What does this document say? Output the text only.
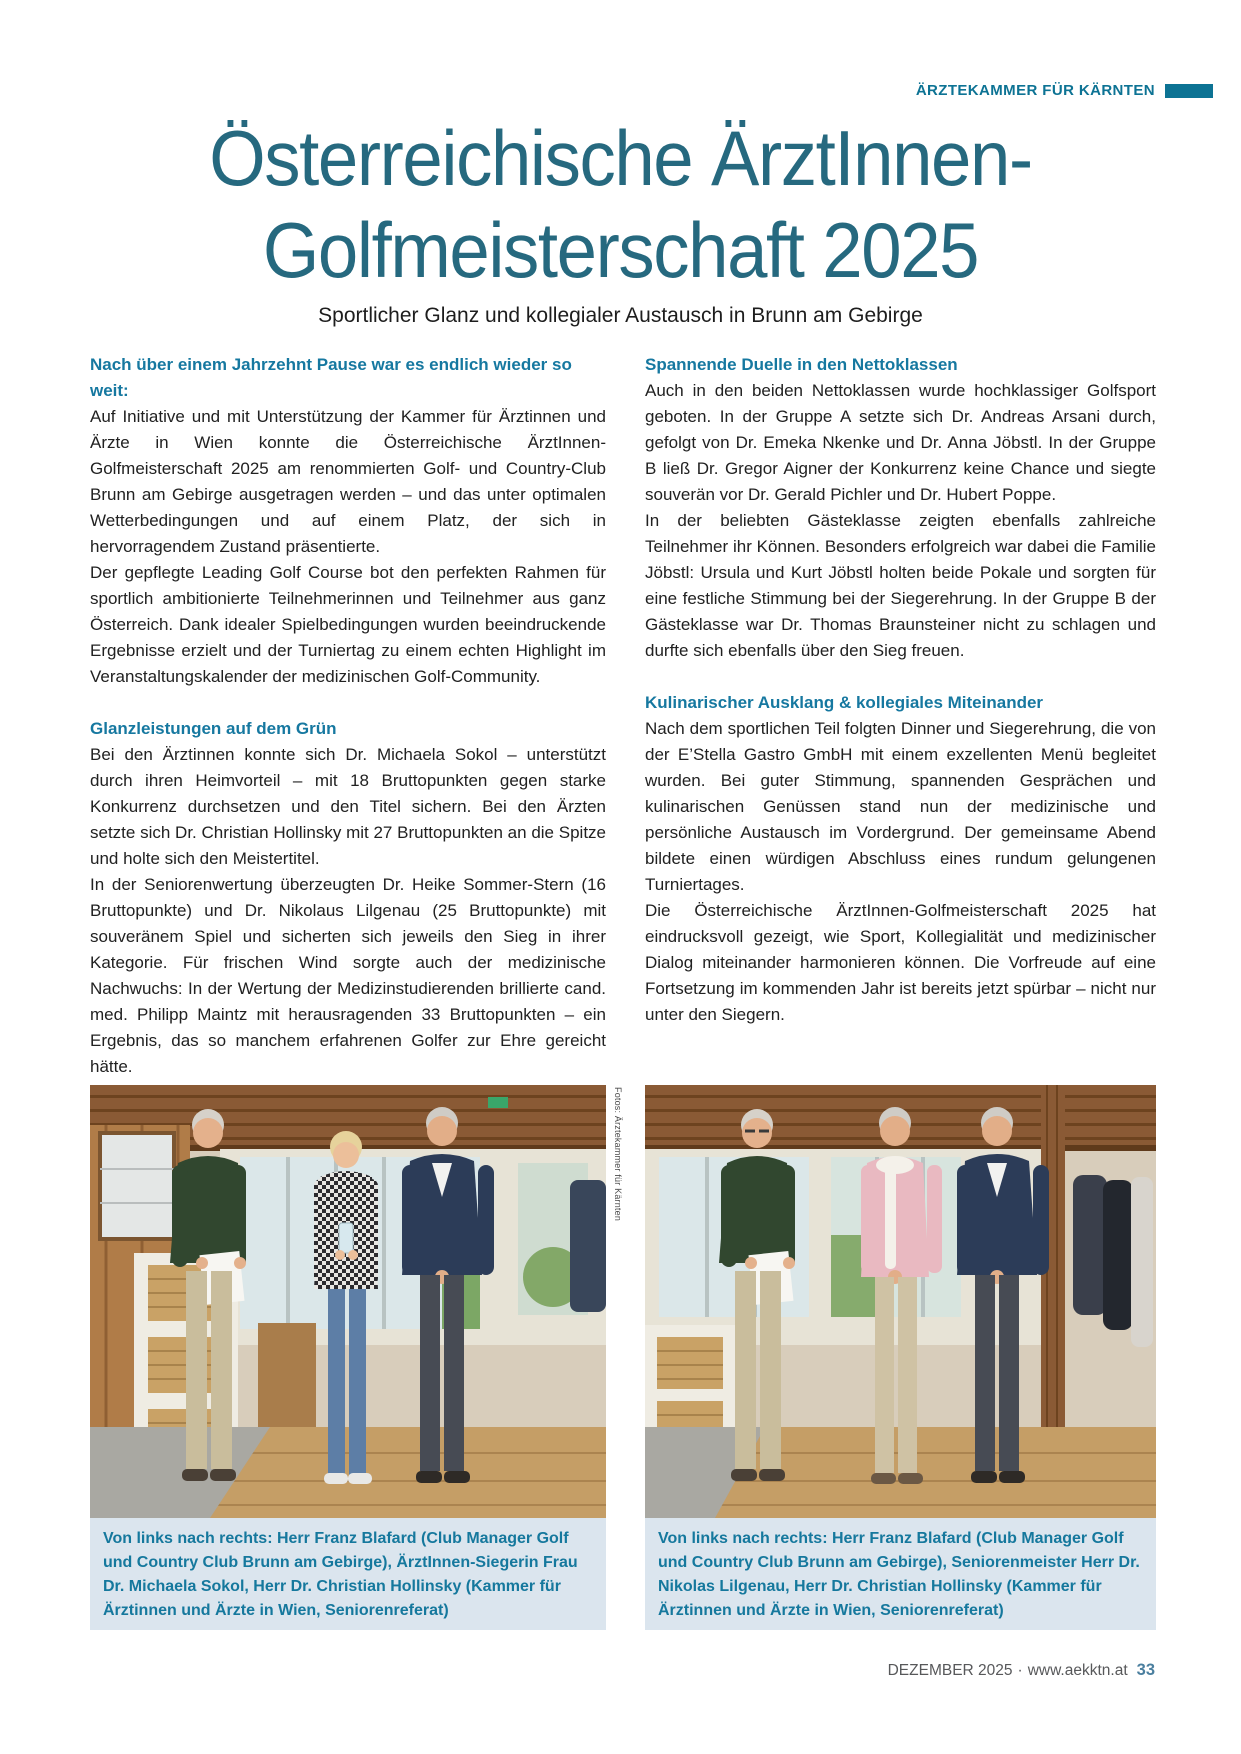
ÄRZTEKAMMER FÜR KÄRNTEN
Österreichische ÄrztInnen-
Golfmeisterschaft 2025
Sportlicher Glanz und kollegialer Austausch in Brunn am Gebirge

Nach über einem Jahrzehnt Pause war es endlich wieder so weit:
Auf Initiative und mit Unterstützung der Kammer für Ärztinnen und Ärzte in Wien konnte die Österreichische ÄrztInnen-Golfmeisterschaft 2025 am renommierten Golf- und Country-Club Brunn am Gebirge ausgetragen werden – und das unter optimalen Wetterbedingungen und auf einem Platz, der sich in hervorragendem Zustand präsentierte.

Der gepflegte Leading Golf Course bot den perfekten Rahmen für sportlich ambitionierte Teilnehmerinnen und Teilnehmer aus ganz Österreich. Dank idealer Spielbedingungen wurden beeindruckende Ergebnisse erzielt und der Turniertag zu einem echten Highlight im Veranstaltungskalender der medizinischen Golf-Community.

Glanzleistungen auf dem Grün

Bei den Ärztinnen konnte sich Dr. Michaela Sokol – unterstützt durch ihren Heimvorteil – mit 18 Bruttopunkten gegen starke Konkurrenz durchsetzen und den Titel sichern. Bei den Ärzten setzte sich Dr. Christian Hollinsky mit 27 Bruttopunkten an die Spitze und holte sich den Meistertitel.

In der Seniorenwertung überzeugten Dr. Heike Sommer-Stern (16 Bruttopunkte) und Dr. Nikolaus Lilgenau (25 Bruttopunkte) mit souveränem Spiel und sicherten sich jeweils den Sieg in ihrer Kategorie. Für frischen Wind sorgte auch der medizinische Nachwuchs: In der Wertung der Medizinstudierenden brillierte cand. med. Philipp Maintz mit herausragenden 33 Bruttopunkten – ein Ergebnis, das so manchem erfahrenen Golfer zur Ehre gereicht hätte.

Spannende Duelle in den Nettoklassen

Auch in den beiden Nettoklassen wurde hochklassiger Golfsport geboten. In der Gruppe A setzte sich Dr. Andreas Arsani durch, gefolgt von Dr. Emeka Nkenke und Dr. Anna Jöbstl. In der Gruppe B ließ Dr. Gregor Aigner der Konkurrenz keine Chance und siegte souverän vor Dr. Gerald Pichler und Dr. Hubert Poppe.

In der beliebten Gästeklasse zeigten ebenfalls zahlreiche Teilnehmer ihr Können. Besonders erfolgreich war dabei die Familie Jöbstl: Ursula und Kurt Jöbstl holten beide Pokale und sorgten für eine festliche Stimmung bei der Siegerehrung. In der Gruppe B der Gästeklasse war Dr. Thomas Braunsteiner nicht zu schlagen und durfte sich ebenfalls über den Sieg freuen.

Kulinarischer Ausklang & kollegiales Miteinander

Nach dem sportlichen Teil folgten Dinner und Siegerehrung, die von der E’Stella Gastro GmbH mit einem exzellenten Menü begleitet wurden. Bei guter Stimmung, spannenden Gesprächen und kulinarischen Genüssen stand nun der medizinische und persönliche Austausch im Vordergrund. Der gemeinsame Abend bildete einen würdigen Abschluss eines rundum gelungenen Turniertages.

Die Österreichische ÄrztInnen-Golfmeisterschaft 2025 hat eindrucksvoll gezeigt, wie Sport, Kollegialität und medizinischer Dialog miteinander harmonieren können. Die Vorfreude auf eine Fortsetzung im kommenden Jahr ist bereits jetzt spürbar – nicht nur unter den Siegern.

Fotos: Ärztekammer für Kärnten
Von links nach rechts: Herr Franz Blafard (Club Manager Golf und Country Club Brunn am Gebirge), ÄrztInnen-Siegerin Frau Dr. Michaela Sokol, Herr Dr. Christian Hollinsky (Kammer für Ärztinnen und Ärzte in Wien, Seniorenreferat)
Von links nach rechts: Herr Franz Blafard (Club Manager Golf und Country Club Brunn am Gebirge), Seniorenmeister Herr Dr. Nikolas Lilgenau, Herr Dr. Christian Hollinsky (Kammer für Ärztinnen und Ärzte in Wien, Seniorenreferat)
DEZEMBER 2025 · www.aekktn.at 33
